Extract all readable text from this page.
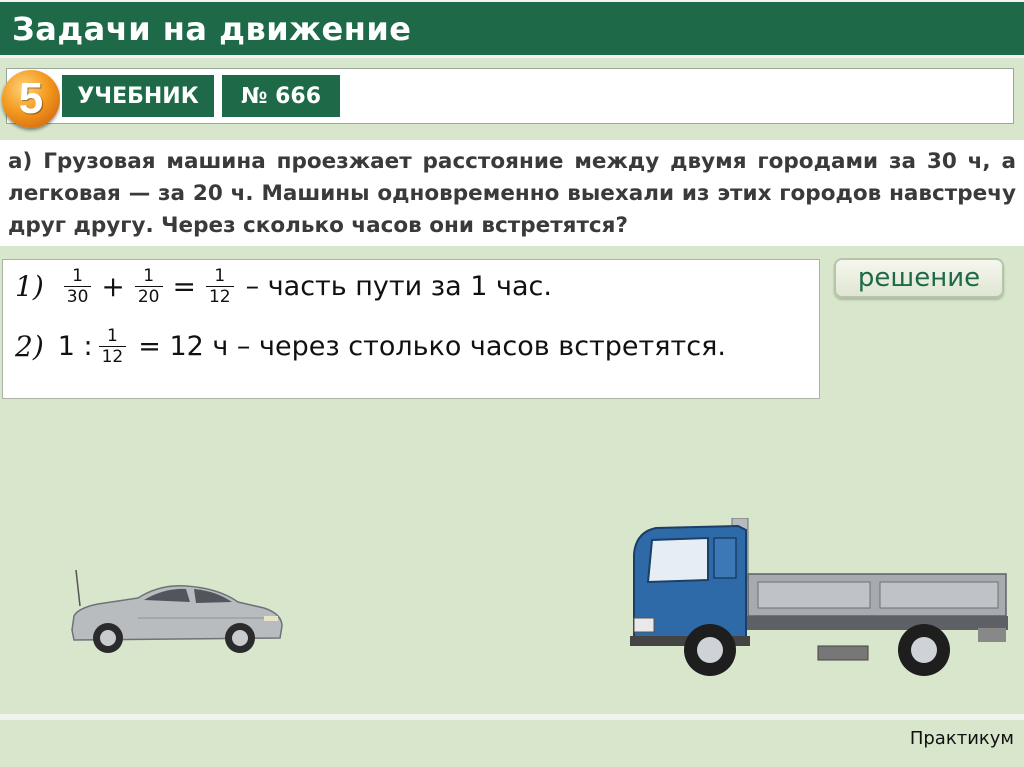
Задачи на движение
5	УЧЕБНИК	№ 666

а) Грузовая машина проезжает расстояние между двумя городами за 30 ч, а легковая — за 20 ч. Машины одновременно выехали из этих городов навстречу друг другу. Через сколько часов они встретятся?

$1) \frac{1}{30} + \frac{1}{20} = \frac{1}{12}$ – часть пути за 1 час.
2) 1 : $\frac{1}{12} = 12$ ч – через столько часов встретятся.
решение
Практикум
